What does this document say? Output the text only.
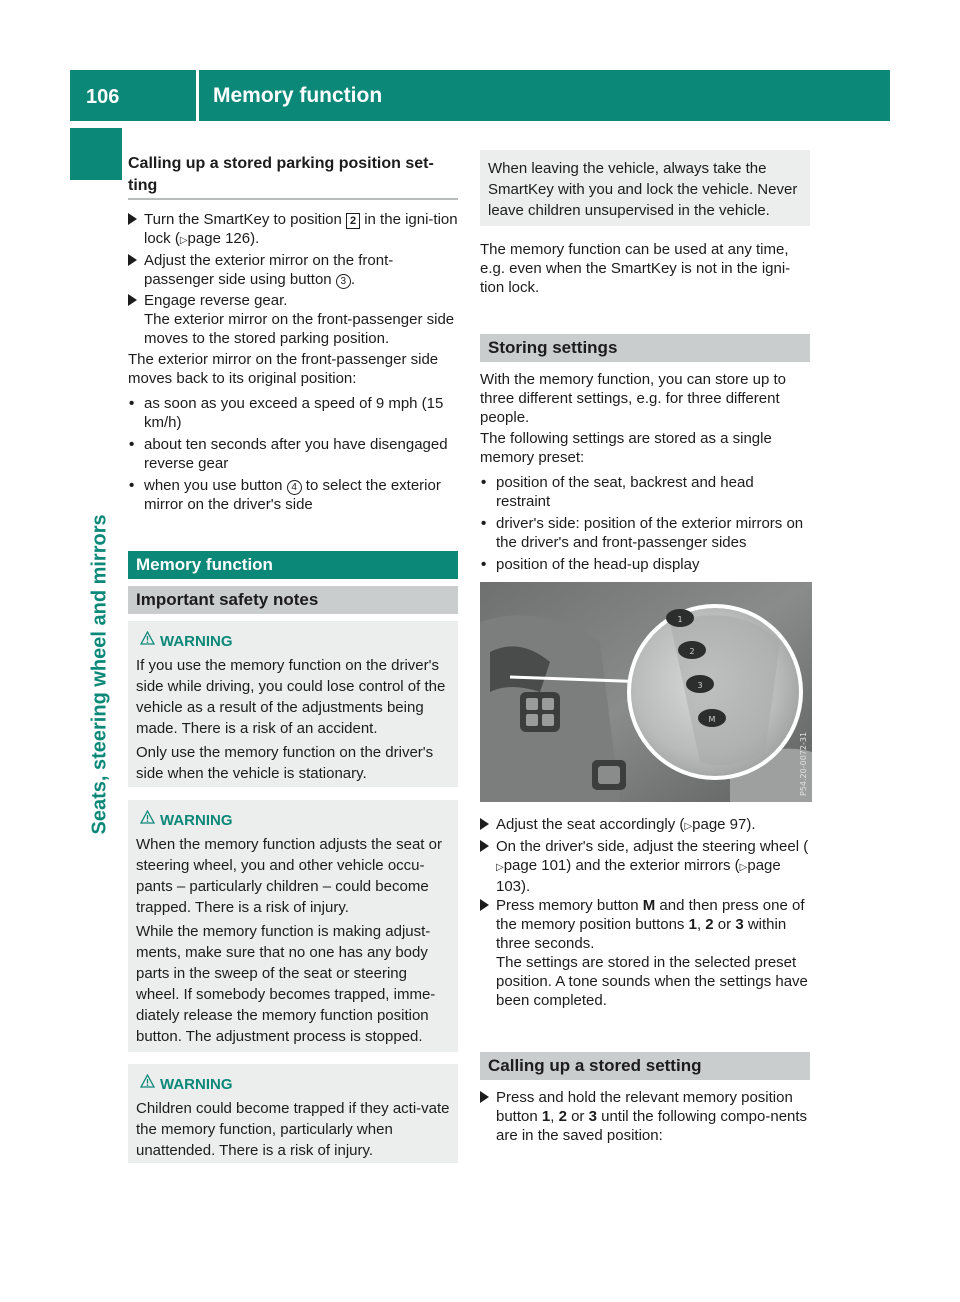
106	Memory function
Seats, steering wheel and mirrors
Calling up a stored parking position set-ting
Turn the SmartKey to position 2 in the igni-tion lock (▷page 126).
Adjust the exterior mirror on the front-passenger side using button 3 .

Engage reverse gear.

The exterior mirror on the front-passenger side moves to the stored parking position.

The exterior mirror on the front-passenger side moves back to its original position:
• as soon as you exceed a speed of 9 mph (15 km/h)
• about ten seconds after you have disengaged reverse gear
• when you use button 4 to select the exterior mirror on the driver's side
Memory function
Important safety notes
WARNING

If you use the memory function on the driver's side while driving, you could lose control of the vehicle as a result of the adjustments being made. There is a risk of an accident.

Only use the memory function on the driver's side when the vehicle is stationary.

WARNING

When the memory function adjusts the seat or steering wheel, you and other vehicle occu-pants – particularly children – could become trapped. There is a risk of injury.

While the memory function is making adjust-ments, make sure that no one has any body parts in the sweep of the seat or steering wheel. If somebody becomes trapped, imme-diately release the memory function position button. The adjustment process is stopped.

WARNING

Children could become trapped if they acti-vate the memory function, particularly when unattended. There is a risk of injury.

When leaving the vehicle, always take the SmartKey with you and lock the vehicle. Never leave children unsupervised in the vehicle.

The memory function can be used at any time, e.g. even when the SmartKey is not in the igni-tion lock.
Storing settings
With the memory function, you can store up to three different settings, e.g. for three different people.
The following settings are stored as a single memory preset:
• position of the seat, backrest and head restraint
• driver's side: position of the exterior mirrors on the driver's and front-passenger sides
• position of the head-up display
1
2
3
M
P54.20-0072-31
Adjust the seat accordingly (▷page 97).
On the driver's side, adjust the steering wheel (▷page 101) and the exterior mirrors (▷page 103).

Press memory button M and then press one of the memory position buttons 1, 2 or 3 within three seconds.

The settings are stored in the selected preset position. A tone sounds when the settings have been completed.

Calling up a stored setting
Press and hold the relevant memory position button 1, 2 or 3 until the following compo-nents are in the saved position:
